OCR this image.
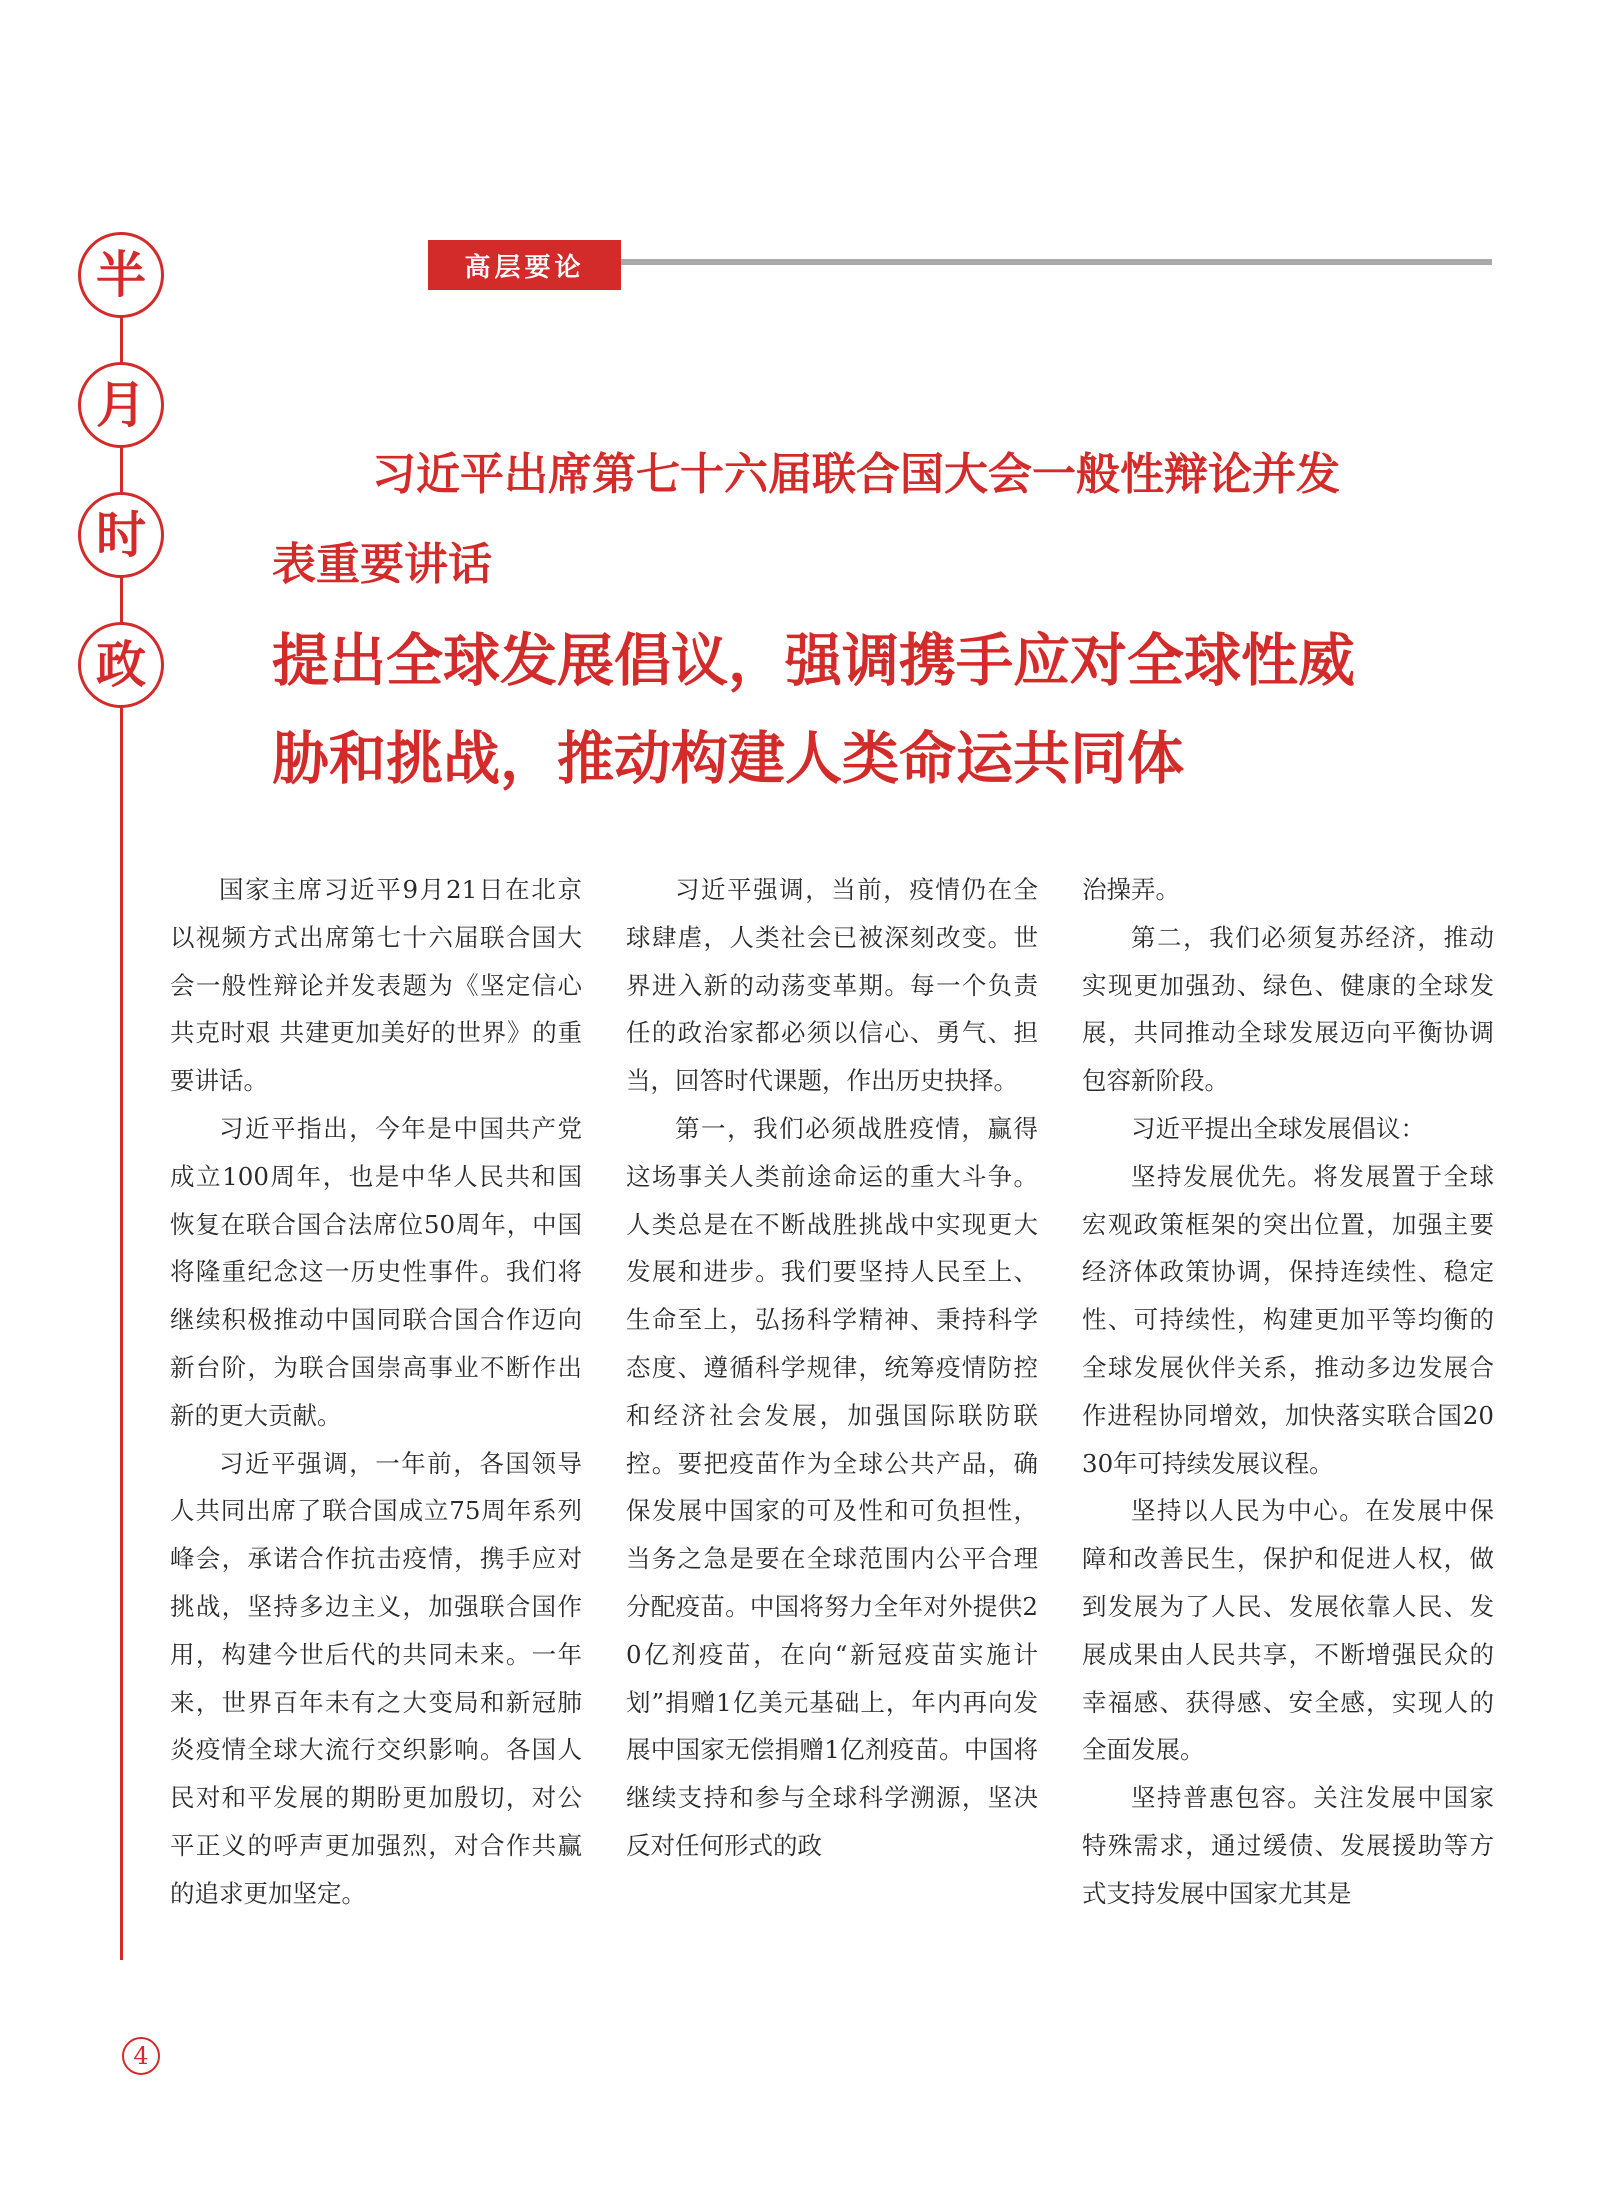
半
月
时
政
高层要论
习近平出席第七十六届联合国大会一般性辩论并发表重要讲话
提出全球发展倡议，强调携手应对全球性威胁和挑战，推动构建人类命运共同体

国家主席习近平9月21日在北京以视频方式出席第七十六届联合国大会一般性辩论并发表题为《坚定信心 共克时艰 共建更加美好的世界》的重要讲话。

习近平指出，今年是中国共产党成立100周年，也是中华人民共和国恢复在联合国合法席位50周年，中国将隆重纪念这一历史性事件。我们将继续积极推动中国同联合国合作迈向新台阶，为联合国崇高事业不断作出新的更大贡献。

习近平强调，一年前，各国领导人共同出席了联合国成立75周年系列峰会，承诺合作抗击疫情，携手应对挑战，坚持多边主义，加强联合国作用，构建今世后代的共同未来。一年来，世界百年未有之大变局和新冠肺炎疫情全球大流行交织影响。各国人民对和平发展的期盼更加殷切，对公平正义的呼声更加强烈，对合作共赢的追求更加坚定。

习近平强调，当前，疫情仍在全球肆虐，人类社会已被深刻改变。世界进入新的动荡变革期。每一个负责任的政治家都必须以信心、勇气、担当，回答时代课题，作出历史抉择。

第一，我们必须战胜疫情，赢得这场事关人类前途命运的重大斗争。人类总是在不断战胜挑战中实现更大发展和进步。我们要坚持人民至上、生命至上，弘扬科学精神、秉持科学态度、遵循科学规律，统筹疫情防控和经济社会发展，加强国际联防联控。要把疫苗作为全球公共产品，确保发展中国家的可及性和可负担性，当务之急是要在全球范围内公平合理分配疫苗。中国将努力全年对外提供20亿剂疫苗，在向“新冠疫苗实施计划”捐赠1亿美元基础上，年内再向发展中国家无偿捐赠1亿剂疫苗。中国将继续支持和参与全球科学溯源，坚决反对任何形式的政

治操弄。

第二，我们必须复苏经济，推动实现更加强劲、绿色、健康的全球发展，共同推动全球发展迈向平衡协调包容新阶段。

习近平提出全球发展倡议：

坚持发展优先。将发展置于全球宏观政策框架的突出位置，加强主要经济体政策协调，保持连续性、稳定性、可持续性，构建更加平等均衡的全球发展伙伴关系，推动多边发展合作进程协同增效，加快落实联合国2030年可持续发展议程。

坚持以人民为中心。在发展中保障和改善民生，保护和促进人权，做到发展为了人民、发展依靠人民、发展成果由人民共享，不断增强民众的幸福感、获得感、安全感，实现人的全面发展。

坚持普惠包容。关注发展中国家特殊需求，通过缓债、发展援助等方式支持发展中国家尤其是

4
